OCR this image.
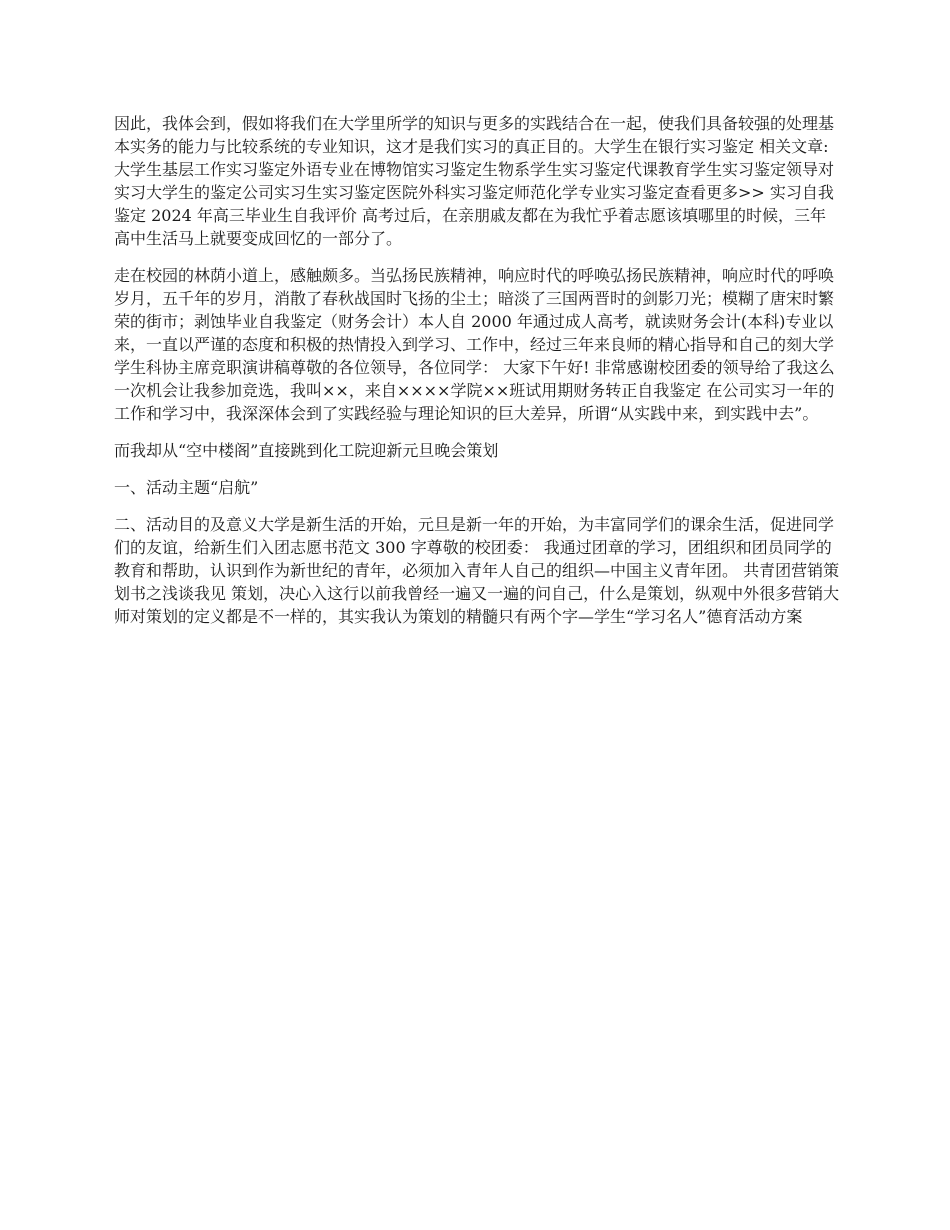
因此，我体会到，假如将我们在大学里所学的知识与更多的实践结合在一起，使我们具备较强的处理基本实务的能力与比较系统的专业知识，这才是我们实习的真正目的。大学生在银行实习鉴定 相关文章:大学生基层工作实习鉴定外语专业在博物馆实习鉴定生物系学生实习鉴定代课教育学生实习鉴定领导对实习大学生的鉴定公司实习生实习鉴定医院外科实习鉴定师范化学专业实习鉴定查看更多>> 实习自我鉴定 2024 年高三毕业生自我评价 高考过后，在亲朋戚友都在为我忙乎着志愿该填哪里的时候，三年高中生活马上就要变成回忆的一部分了。

走在校园的林荫小道上，感触颇多。当弘扬民族精神，响应时代的呼唤弘扬民族精神，响应时代的呼唤 岁月，五千年的岁月，消散了春秋战国时飞扬的尘土；暗淡了三国两晋时的剑影刀光；模糊了唐宋时繁荣的街市；剥蚀毕业自我鉴定（财务会计）本人自 2000 年通过成人高考，就读财务会计(本科)专业以来，一直以严谨的态度和积极的热情投入到学习、工作中，经过三年来良师的精心指导和自己的刻大学学生科协主席竞职演讲稿尊敬的各位领导，各位同学： 大家下午好! 非常感谢校团委的领导给了我这么一次机会让我参加竞选，我叫××，来自××××学院××班试用期财务转正自我鉴定 在公司实习一年的工作和学习中，我深深体会到了实践经验与理论知识的巨大差异，所谓“从实践中来，到实践中去”。

而我却从“空中楼阁”直接跳到化工院迎新元旦晚会策划

一、活动主题“启航”

二、活动目的及意义大学是新生活的开始，元旦是新一年的开始，为丰富同学们的课余生活，促进同学们的友谊，给新生们入团志愿书范文 300 字尊敬的校团委： 我通过团章的学习，团组织和团员同学的教育和帮助，认识到作为新世纪的青年，必须加入青年人自己的组织—中国主义青年团。 共青团营销策划书之浅谈我见 策划，决心入这行以前我曾经一遍又一遍的问自己，什么是策划，纵观中外很多营销大师对策划的定义都是不一样的，其实我认为策划的精髓只有两个字—学生“学习名人”德育活动方案
